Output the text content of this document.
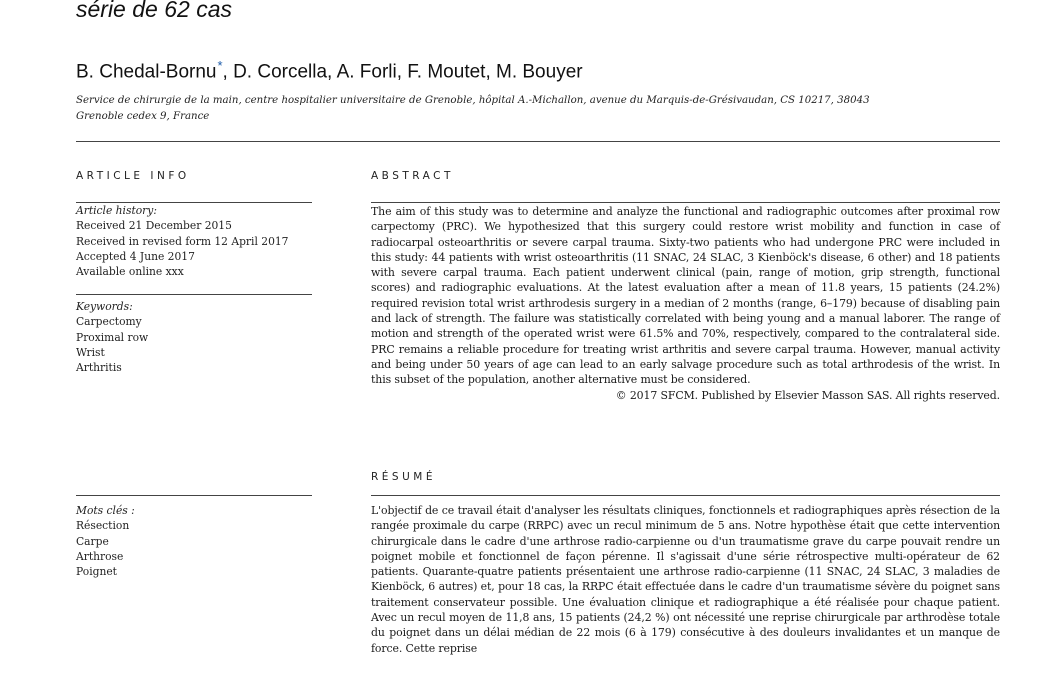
série de 62 cas
B. Chedal-Bornu*, D. Corcella, A. Forli, F. Moutet, M. Bouyer
Service de chirurgie de la main, centre hospitalier universitaire de Grenoble, hôpital A.-Michallon, avenue du Marquis-de-Grésivaudan, CS 10217, 38043 Grenoble cedex 9, France
ARTICLE INFO	ABSTRACT
Article history:
Received 21 December 2015
Received in revised form 12 April 2017
Accepted 4 June 2017
Available online xxx
Keywords:
Carpectomy
Proximal row
Wrist
Arthritis

The aim of this study was to determine and analyze the functional and radiographic outcomes after proximal row carpectomy (PRC). We hypothesized that this surgery could restore wrist mobility and function in case of radiocarpal osteoarthritis or severe carpal trauma. Sixty-two patients who had undergone PRC were included in this study: 44 patients with wrist osteoarthritis (11 SNAC, 24 SLAC, 3 Kienböck's disease, 6 other) and 18 patients with severe carpal trauma. Each patient underwent clinical (pain, range of motion, grip strength, functional scores) and radiographic evaluations. At the latest evaluation after a mean of 11.8 years, 15 patients (24.2%) required revision total wrist arthrodesis surgery in a median of 2 months (range, 6–179) because of disabling pain and lack of strength. The failure was statistically correlated with being young and a manual laborer. The range of motion and strength of the operated wrist were 61.5% and 70%, respectively, compared to the contralateral side. PRC remains a reliable procedure for treating wrist arthritis and severe carpal trauma. However, manual activity and being under 50 years of age can lead to an early salvage procedure such as total arthrodesis of the wrist. In this subset of the population, another alternative must be considered.
© 2017 SFCM. Published by Elsevier Masson SAS. All rights reserved.

RÉSUMÉ
Mots clés :
Résection
Carpe
Arthrose
Poignet

L'objectif de ce travail était d'analyser les résultats cliniques, fonctionnels et radiographiques après résection de la rangée proximale du carpe (RRPC) avec un recul minimum de 5 ans. Notre hypothèse était que cette intervention chirurgicale dans le cadre d'une arthrose radio-carpienne ou d'un traumatisme grave du carpe pouvait rendre un poignet mobile et fonctionnel de façon pérenne. Il s'agissait d'une série rétrospective multi-opérateur de 62 patients. Quarante-quatre patients présentaient une arthrose radio-carpienne (11 SNAC, 24 SLAC, 3 maladies de Kienböck, 6 autres) et, pour 18 cas, la RRPC était effectuée dans le cadre d'un traumatisme sévère du poignet sans traitement conservateur possible. Une évaluation clinique et radiographique a été réalisée pour chaque patient. Avec un recul moyen de 11,8 ans, 15 patients (24,2 %) ont nécessité une reprise chirurgicale par arthrodèse totale du poignet dans un délai médian de 22 mois (6 à 179) consécutive à des douleurs invalidantes et un manque de force. Cette reprise
